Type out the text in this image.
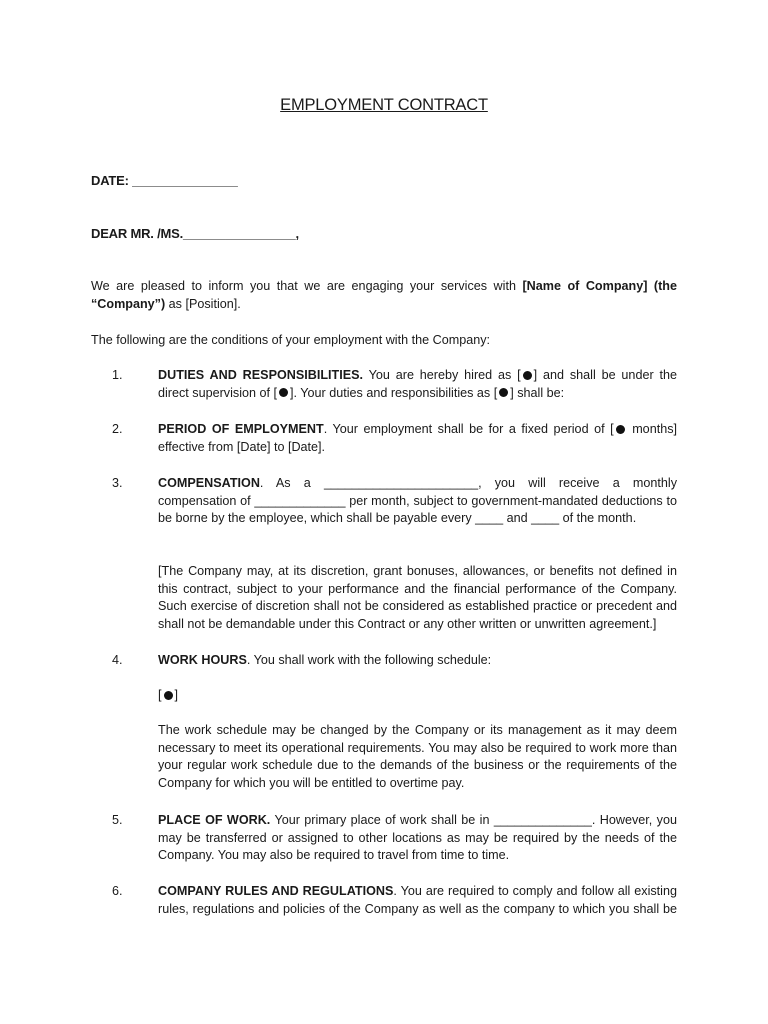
EMPLOYMENT CONTRACT
DATE: _______________
DEAR MR. /MS.________________,
We are pleased to inform you that we are engaging your services with [Name of Company] (the “Company”) as [Position].
The following are the conditions of your employment with the Company:
1.	DUTIES AND RESPONSIBILITIES. You are hereby hired as [ ] and shall be under the direct supervision of [ ]. Your duties and responsibilities as [ ] shall be:
2.	PERIOD OF EMPLOYMENT. Your employment shall be for a fixed period of [ months] effective from [Date] to [Date].
3.	COMPENSATION. As a ______________________, you will receive a monthly compensation of _____________ per month, subject to government-mandated deductions to be borne by the employee, which shall be payable every ____ and ____ of the month.
[The Company may, at its discretion, grant bonuses, allowances, or benefits not defined in this contract, subject to your performance and the financial performance of the Company. Such exercise of discretion shall not be considered as established practice or precedent and shall not be demandable under this Contract or any other written or unwritten agreement.]
4.	WORK HOURS. You shall work with the following schedule:
[ ]
The work schedule may be changed by the Company or its management as it may deem necessary to meet its operational requirements. You may also be required to work more than your regular work schedule due to the demands of the business or the requirements of the Company for which you will be entitled to overtime pay.
5.	PLACE OF WORK. Your primary place of work shall be in ______________. However, you may be transferred or assigned to other locations as may be required by the needs of the Company. You may also be required to travel from time to time.
6.	COMPANY RULES AND REGULATIONS. You are required to comply and follow all existing rules, regulations and policies of the Company as well as the company to which you shall be
